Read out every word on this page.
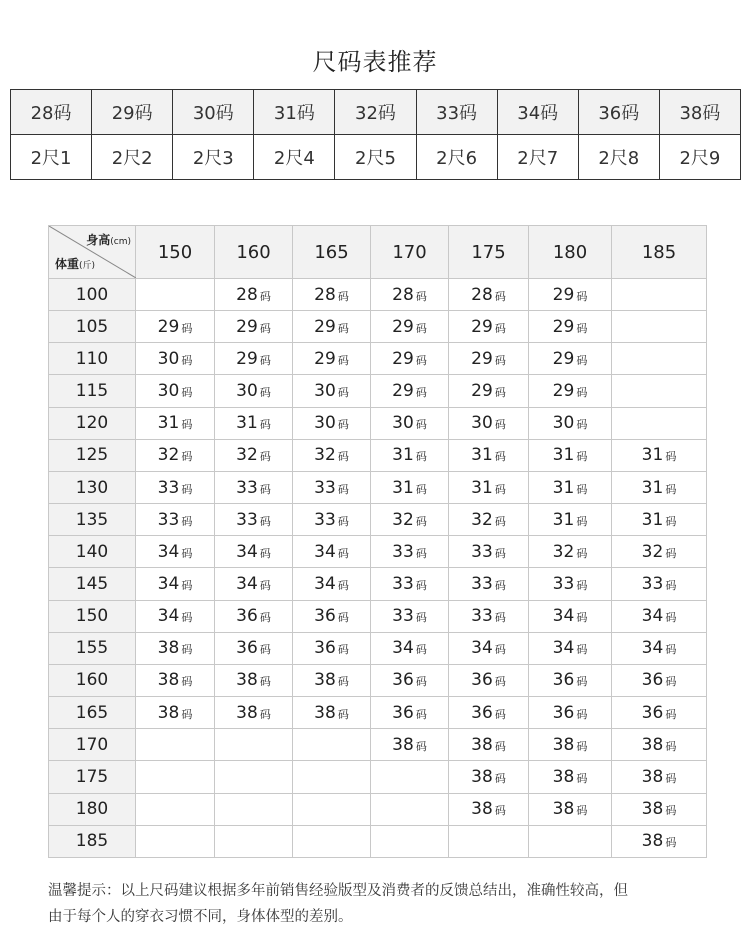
尺码表推荐
28码	29码	30码	31码	32码	33码	34码	36码	38码
2尺1	2尺2	2尺3	2尺4	2尺5	2尺6	2尺7	2尺8	2尺9
身高(cm)
体重(斤)	150	160	165	170	175	180	185
100		28 码	28 码	28 码	28 码	29 码	
105	29 码	29 码	29 码	29 码	29 码	29 码	
110	30 码	29 码	29 码	29 码	29 码	29 码	
115	30 码	30 码	30 码	29 码	29 码	29 码	
120	31 码	31 码	30 码	30 码	30 码	30 码	
125	32 码	32 码	32 码	31 码	31 码	31 码	31 码
130	33 码	33 码	33 码	31 码	31 码	31 码	31 码
135	33 码	33 码	33 码	32 码	32 码	31 码	31 码
140	34 码	34 码	34 码	33 码	33 码	32 码	32 码
145	34 码	34 码	34 码	33 码	33 码	33 码	33 码
150	34 码	36 码	36 码	33 码	33 码	34 码	34 码
155	38 码	36 码	36 码	34 码	34 码	34 码	34 码
160	38 码	38 码	38 码	36 码	36 码	36 码	36 码
165	38 码	38 码	38 码	36 码	36 码	36 码	36 码
170				38 码	38 码	38 码	38 码
175					38 码	38 码	38 码
180					38 码	38 码	38 码
185							38 码
温馨提示：以上尺码建议根据多年前销售经验版型及消费者的反馈总结出，准确性较高，但
由于每个人的穿衣习惯不同，身体体型的差别。
